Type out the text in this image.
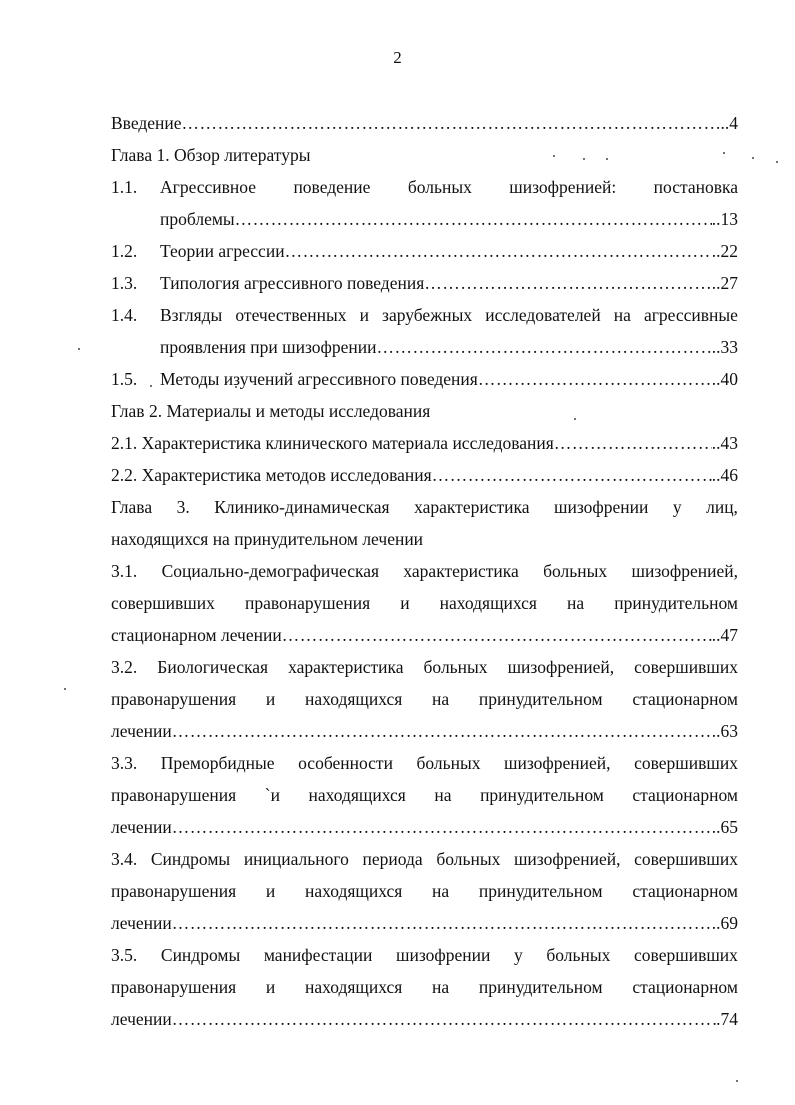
2
Введение ……………………………………………………………………………………………………………………………………………………………………	..4
Глава 1. Обзор литературы
1.1. Агрессивное поведение больных шизофренией: постановка
проблемы ……………………………………………………………………………………………………………………………………………………………………	..13
1.2. Теории агрессии ……………………………………………………………………………………………………………………………………………………………………	..22
1.3. Типология агрессивного поведения ……………………………………………………………………………………………………………………………………………………………………	..27
1.4. Взгляды отечественных и зарубежных исследователей на агрессивные
проявления при шизофрении ……………………………………………………………………………………………………………………………………………………………………	..33
1.5. Методы изучений агрессивного поведения ……………………………………………………………………………………………………………………………………………………………………	..40
Глав 2. Материалы и методы исследования
2.1. Характеристика клинического материала исследования ……………………………………………………………………………………………………………………………………………………………………	..43
2.2. Характеристика методов исследования ……………………………………………………………………………………………………………………………………………………………………	..46
Глава 3. Клинико-динамическая характеристика шизофрении у лиц,
находящихся на принудительном лечении
3.1. Социально-демографическая характеристика больных шизофренией,
совершивших правонарушения и находящихся на принудительном
стационарном лечении ……………………………………………………………………………………………………………………………………………………………………	..47
3.2. Биологическая характеристика больных шизофренией, совершивших
правонарушения и находящихся на принудительном стационарном
лечении ……………………………………………………………………………………………………………………………………………………………………	..63
3.3. Преморбидные особенности больных шизофренией, совершивших
правонарушения `и находящихся на принудительном стационарном
лечении ……………………………………………………………………………………………………………………………………………………………………	..65
3.4. Синдромы инициального периода больных шизофренией, совершивших
правонарушения и находящихся на принудительном стационарном
лечении ……………………………………………………………………………………………………………………………………………………………………	..69
3.5. Синдромы манифестации шизофрении у больных совершивших
правонарушения и находящихся на принудительном стационарном
лечении ……………………………………………………………………………………………………………………………………………………………………	.74
